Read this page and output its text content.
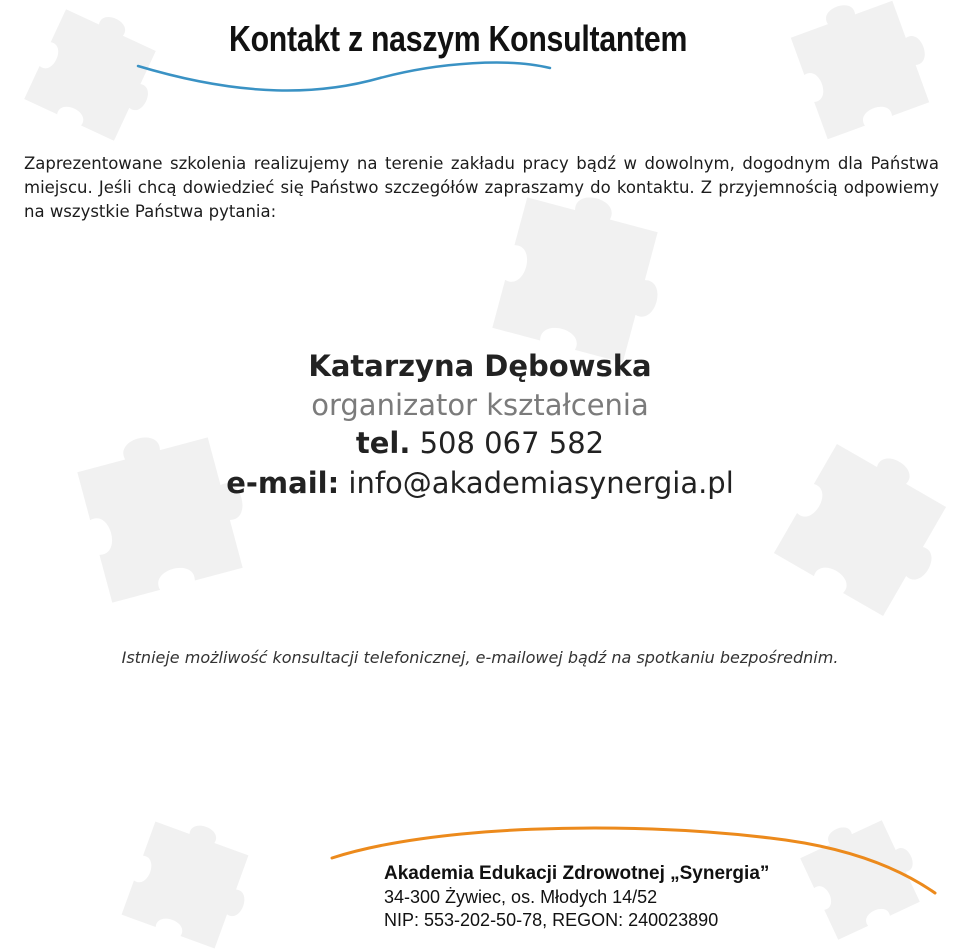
Kontakt z naszym Konsultantem

Zaprezentowane szkolenia realizujemy na terenie zakładu pracy bądź w dowolnym, dogodnym dla Państwa miejscu. Jeśli chcą dowiedzieć się Państwo szczegółów zapraszamy do kontaktu. Z przyjemnością odpowiemy na wszystkie Państwa pytania:

Katarzyna Dębowska
organizator kształcenia
tel. 508 067 582
e-mail: info@akademiasynergia.pl

Istnieje możliwość konsultacji telefonicznej, e-mailowej bądź na spotkaniu bezpośrednim.

Akademia Edukacji Zdrowotnej „Synergia”
34-300 Żywiec, os. Młodych 14/52
NIP: 553-202-50-78, REGON: 240023890
